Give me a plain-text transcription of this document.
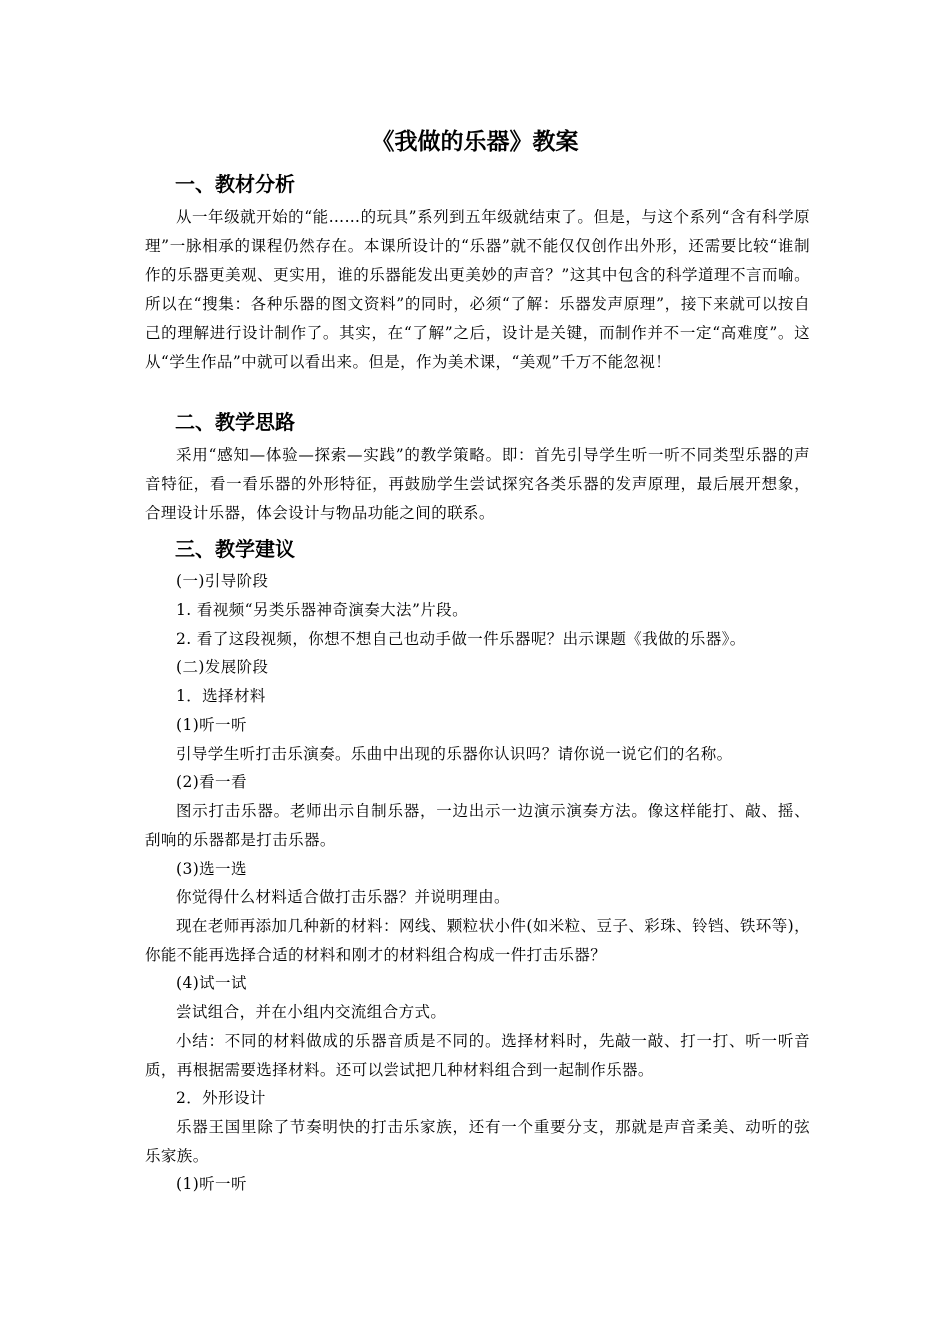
《我做的乐器》教案
一、教材分析
从一年级就开始的“能……的玩具”系列到五年级就结束了。但是，与这个系列“含有科学原理”一脉相承的课程仍然存在。本课所设计的“乐器”就不能仅仅创作出外形，还需要比较“谁制作的乐器更美观、更实用，谁的乐器能发出更美妙的声音？”这其中包含的科学道理不言而喻。所以在“搜集：各种乐器的图文资料”的同时，必须“了解：乐器发声原理”，接下来就可以按自己的理解进行设计制作了。其实，在“了解”之后，设计是关键，而制作并不一定“高难度”。这从“学生作品”中就可以看出来。但是，作为美术课，“美观”千万不能忽视！
二、教学思路
采用“感知—体验—探索—实践”的教学策略。即：首先引导学生听一听不同类型乐器的声音特征，看一看乐器的外形特征，再鼓励学生尝试探究各类乐器的发声原理，最后展开想象，合理设计乐器，体会设计与物品功能之间的联系。
三、教学建议
(一)引导阶段
1. 看视频“另类乐器神奇演奏大法”片段。
2. 看了这段视频，你想不想自己也动手做一件乐器呢？出示课题《我做的乐器》。
(二)发展阶段
1．选择材料
(1)听一听
引导学生听打击乐演奏。乐曲中出现的乐器你认识吗？请你说一说它们的名称。
(2)看一看
图示打击乐器。老师出示自制乐器，一边出示一边演示演奏方法。像这样能打、敲、摇、刮响的乐器都是打击乐器。
(3)选一选
你觉得什么材料适合做打击乐器？并说明理由。
现在老师再添加几种新的材料：网线、颗粒状小件(如米粒、豆子、彩珠、铃铛、铁环等)，你能不能再选择合适的材料和刚才的材料组合构成一件打击乐器？
(4)试一试
尝试组合，并在小组内交流组合方式。
小结：不同的材料做成的乐器音质是不同的。选择材料时，先敲一敲、打一打、听一听音质，再根据需要选择材料。还可以尝试把几种材料组合到一起制作乐器。
2．外形设计
乐器王国里除了节奏明快的打击乐家族，还有一个重要分支，那就是声音柔美、动听的弦乐家族。
(1)听一听
